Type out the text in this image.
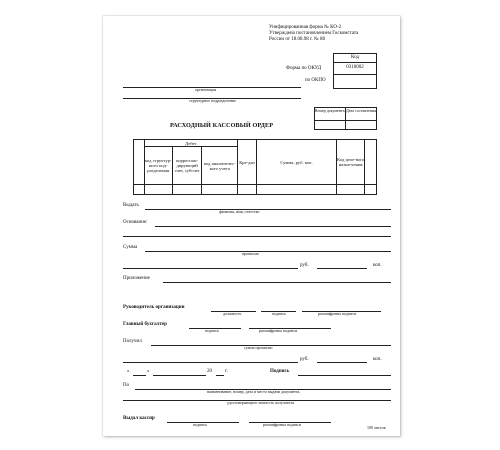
Унифицированная форма № КО-2
Утверждена постановлением Госкомстата
России от 18.08.98 г. № 88
Код
Форма по ОКУД	0310002
по ОКПО
организация
структурное подразделение
Номер документа Дата составления
РАСХОДНЫЙ КАССОВЫЙ ОРДЕР
	Дебет			Кре-дит	Сумма, руб. коп.	Код целе-вого назна-чения	
	код структур-ного под-разделения	корреспон-дирующий счет, субсчет	код аналитичес-кого учета				

Выдать
фамилия, имя, отчество
Основание:
Сумма
прописью
руб.	коп.
Приложение
Руководитель организации
должность	подпись	расшифровка подписи
Главный бухгалтер
подпись	расшифровка подписи
Получил
сумма прописью
руб.	коп.
«	»	20	г.	Подпись
По
наименование, номер, дата и место выдачи документа,
удостоверяющего личность получателя
Выдал кассир
подпись	расшифровка подписи
100 листов
